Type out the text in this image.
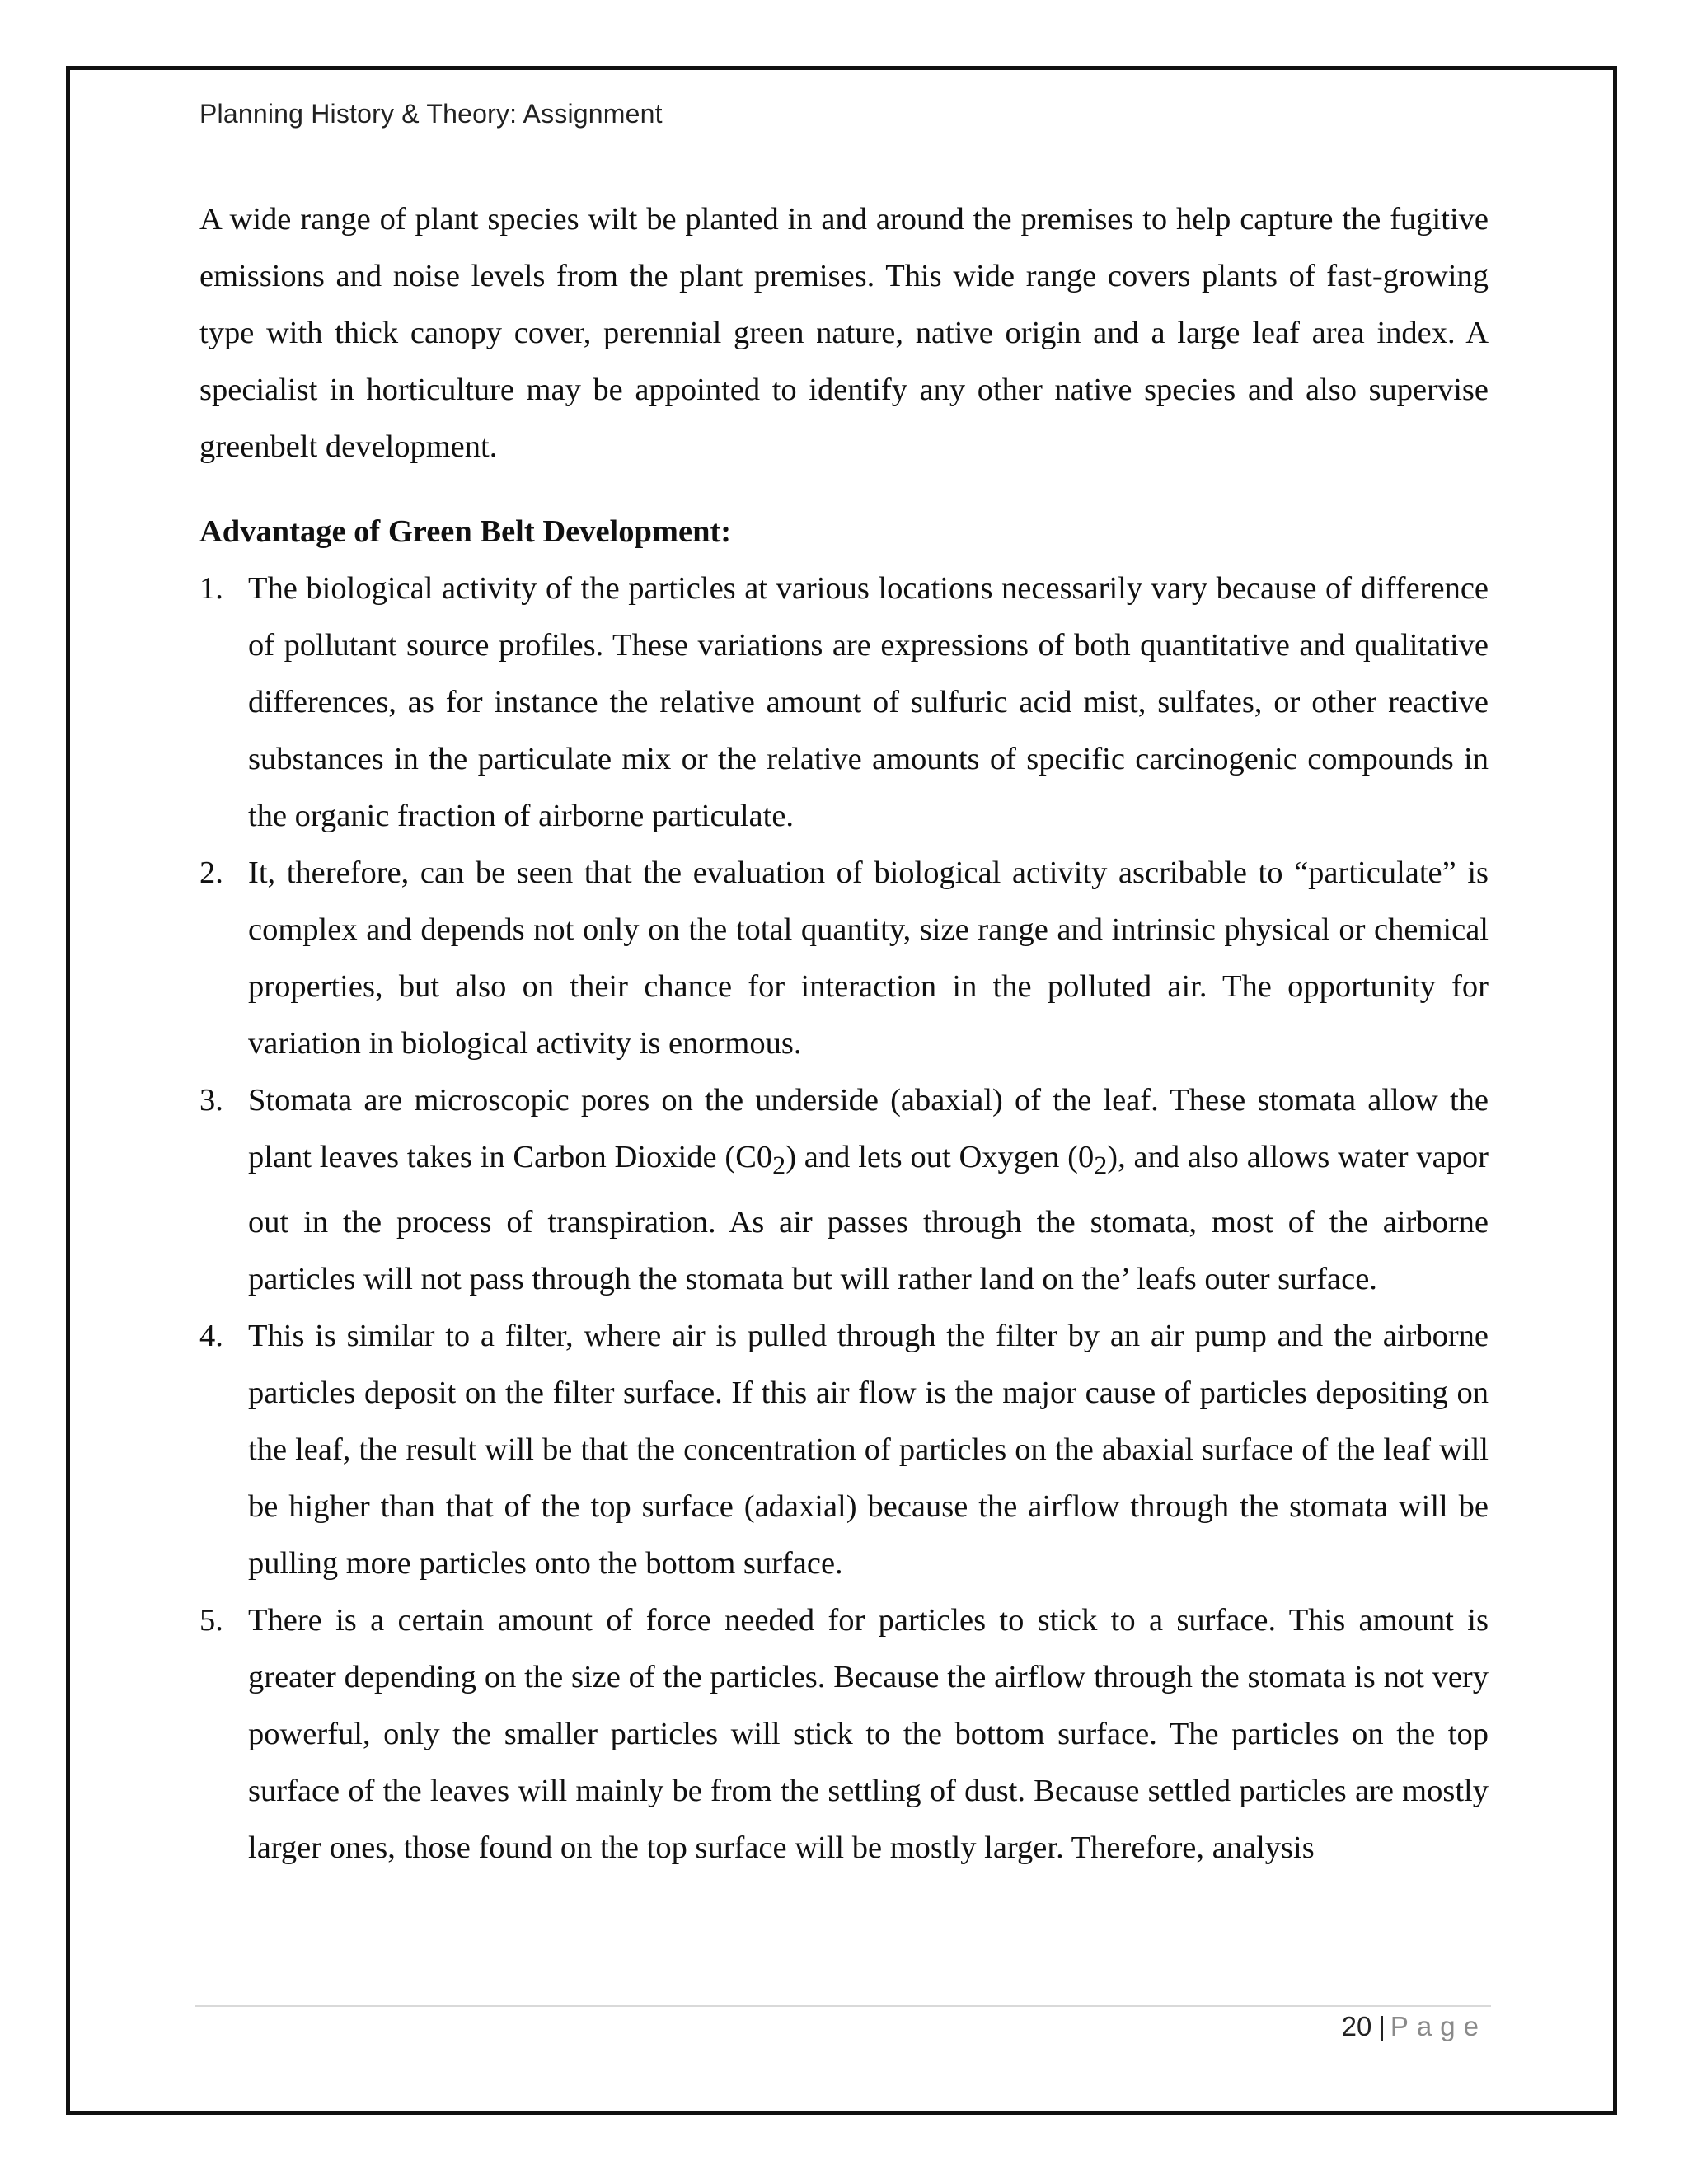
Planning History & Theory: Assignment

A wide range of plant species wilt be planted in and around the premises to help capture the fugitive emissions and noise levels from the plant premises. This wide range covers plants of fast-growing type with thick canopy cover, perennial green nature, native origin and a large leaf area index. A specialist in horticulture may be appointed to identify any other native species and also supervise greenbelt development.

Advantage of Green Belt Development:

1. The biological activity of the particles at various locations necessarily vary because of difference of pollutant source profiles. These variations are expressions of both quantitative and qualitative differences, as for instance the relative amount of sulfuric acid mist, sulfates, or other reactive substances in the particulate mix or the relative amounts of specific carcinogenic compounds in the organic fraction of airborne particulate.
2. It, therefore, can be seen that the evaluation of biological activity ascribable to “particulate” is complex and depends not only on the total quantity, size range and intrinsic physical or chemical properties, but also on their chance for interaction in the polluted air. The opportunity for variation in biological activity is enormous.
3. Stomata are microscopic pores on the underside (abaxial) of the leaf. These stomata allow the plant leaves takes in Carbon Dioxide $(C0_2)$ and lets out Oxygen $(0_2)$, and also allows water vapor out in the process of transpiration. As air passes through the stomata, most of the airborne particles will not pass through the stomata but will rather land on the’ leafs outer surface.
4. This is similar to a filter, where air is pulled through the filter by an air pump and the airborne particles deposit on the filter surface. If this air flow is the major cause of particles depositing on the leaf, the result will be that the concentration of particles on the abaxial surface of the leaf will be higher than that of the top surface (adaxial) because the airflow through the stomata will be pulling more particles onto the bottom surface.
5. There is a certain amount of force needed for particles to stick to a surface. This amount is greater depending on the size of the particles. Because the airflow through the stomata is not very powerful, only the smaller particles will stick to the bottom surface. The particles on the top surface of the leaves will mainly be from the settling of dust. Because settled particles are mostly larger ones, those found on the top surface will be mostly larger. Therefore, analysis
20 | Page
